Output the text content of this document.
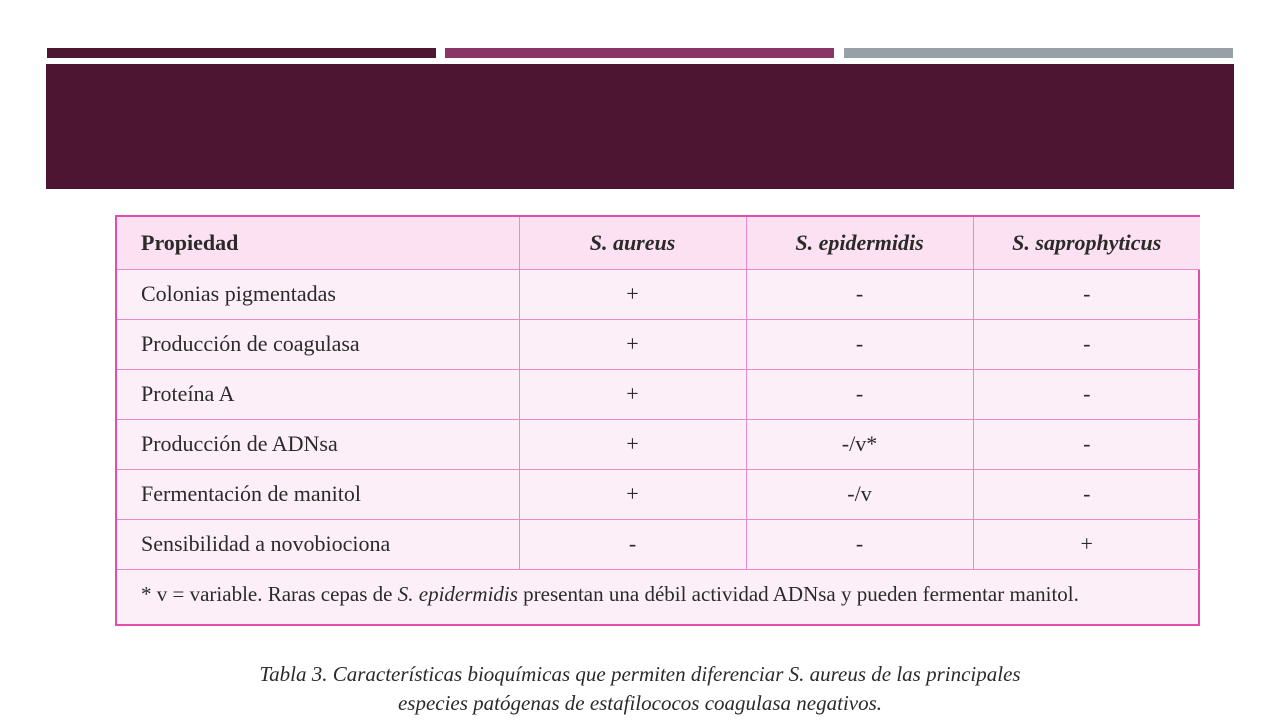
Propiedad	S. aureus	S. epidermidis	S. saprophyticus
Colonias pigmentadas	+	-	-
Producción de coagulasa	+	-	-
Proteína A	+	-	-
Producción de ADNsa	+	-/v*	-
Fermentación de manitol	+	-/v	-
Sensibilidad a novobiociona	-	-	+
* v = variable. Raras cepas de S. epidermidis presentan una débil actividad ADNsa y pueden fermentar manitol.			
Tabla 3. Características bioquímicas que permiten diferenciar S. aureus de las principales
especies patógenas de estafilococos coagulasa negativos.
